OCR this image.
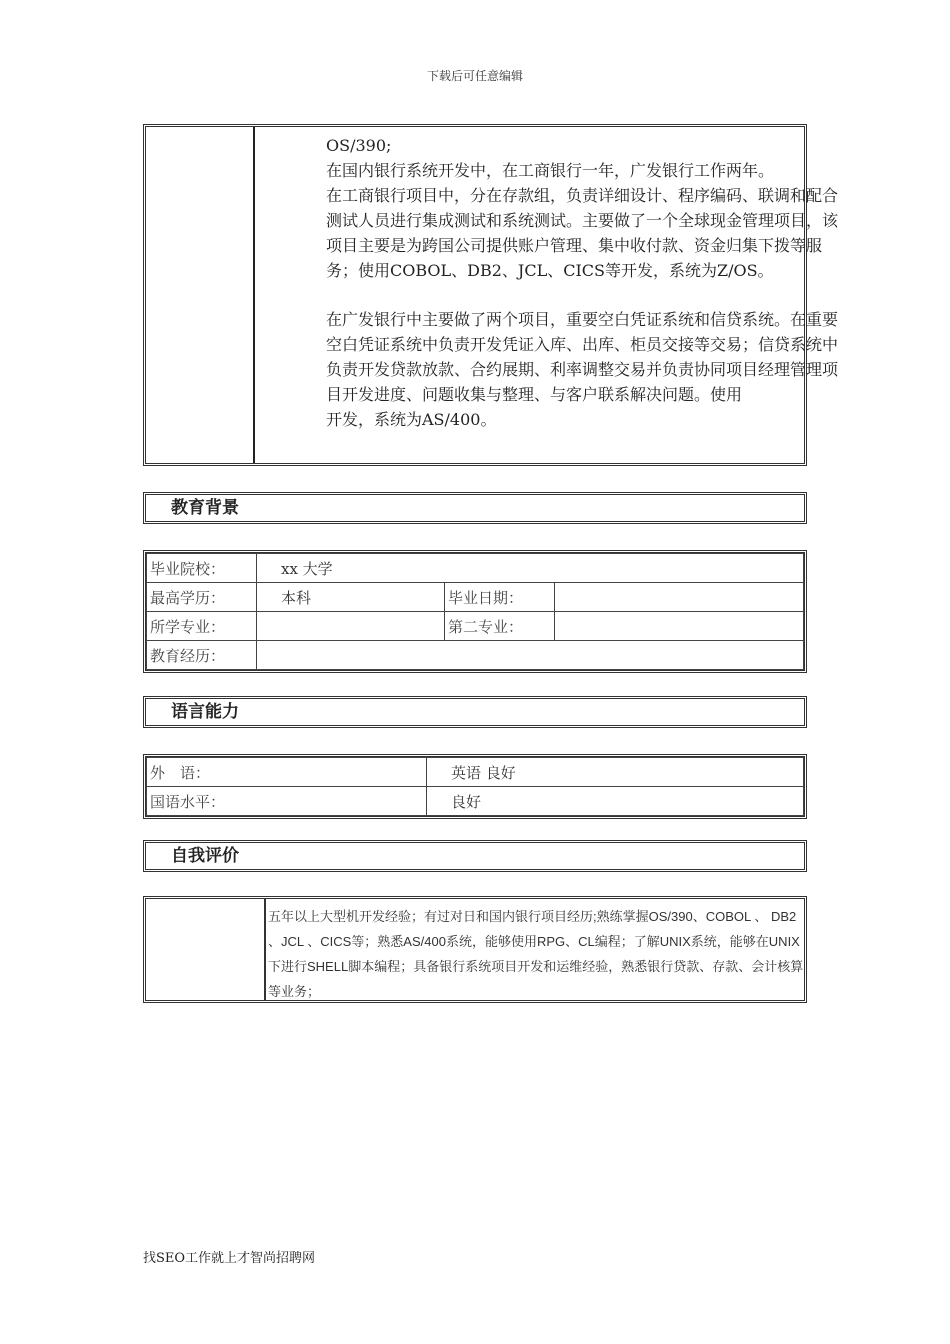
下载后可任意编辑

OS/390;

在国内银行系统开发中，在工商银行一年，广发银行工作两年。

在工商银行项目中，分在存款组，负责详细设计、程序编码、联调和配合

测试人员进行集成测试和系统测试。主要做了一个全球现金管理项目，该

项目主要是为跨国公司提供账户管理、集中收付款、资金归集下拨等服

务；使用COBOL、DB2、JCL、CICS等开发，系统为Z/OS。

在广发银行中主要做了两个项目，重要空白凭证系统和信贷系统。在重要

空白凭证系统中负责开发凭证入库、出库、柜员交接等交易；信贷系统中

负责开发贷款放款、合约展期、利率调整交易并负责协同项目经理管理项

目开发进度、问题收集与整理、与客户联系解决问题。使用

开发，系统为AS/400。

教育背景
毕业院校：	xx 大学		
最高学历：	本科	毕业日期：	
所学专业：		第二专业：	
教育经历：			
语言能力
外　语：	英语 良好
国语水平：	良好
自我评价
五年以上大型机开发经验；有过对日和国内银行项目经历;熟练掌握OS/390、COBOL 、 DB2 、JCL 、CICS等；熟悉AS/400系统，能够使用RPG、CL编程；了解UNIX系统，能够在UNIX下进行SHELL脚本编程；具备银行系统项目开发和运维经验，熟悉银行贷款、存款、会计核算等业务；
找SEO工作就上才智尚招聘网
